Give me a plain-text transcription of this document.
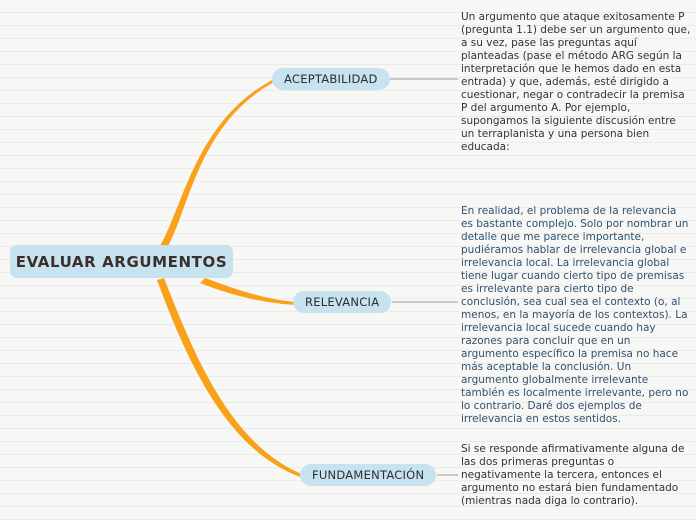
EVALUAR ARGUMENTOS
ACEPTABILIDAD
RELEVANCIA
FUNDAMENTACIÓN
Un argumento que ataque exitosamente P (pregunta 1.1) debe ser un argumento que, a su vez, pase las preguntas aquí planteadas (pase el método ARG según la interpretación que le hemos dado en esta entrada) y que, además, esté dirigido a cuestionar, negar o contradecir la premisa P del argumento A. Por ejemplo, supongamos la siguiente discusión entre un terraplanista y una persona bien educada:
En realidad, el problema de la relevancia es bastante complejo. Solo por nombrar un detalle que me parece importante, pudiéramos hablar de irrelevancia global e irrelevancia local. La irrelevancia global tiene lugar cuando cierto tipo de premisas es irrelevante para cierto tipo de conclusión, sea cual sea el contexto (o, al menos, en la mayoría de los contextos). La irrelevancia local sucede cuando hay razones para concluir que en un argumento específico la premisa no hace más aceptable la conclusión. Un argumento globalmente irrelevante también es localmente irrelevante, pero no lo contrario. Daré dos ejemplos de irrelevancia en estos sentidos.
Si se responde afirmativamente alguna de las dos primeras preguntas o negativamente la tercera, entonces el argumento no estará bien fundamentado (mientras nada diga lo contrario).
